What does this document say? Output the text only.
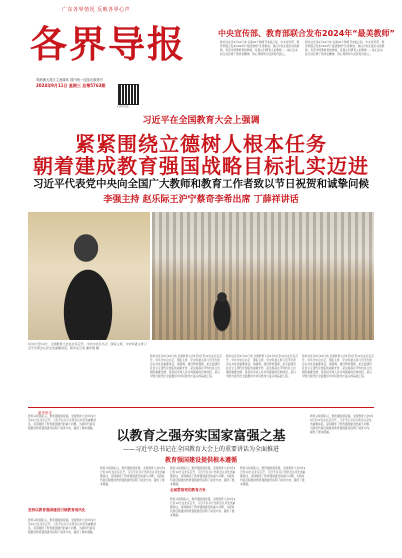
广东各界情况 反映各界心声
各界导报
粤港澳大湾区主流媒体 国内统一连续出版物号
2024年9月11日 星期三 总第5763期
扫码关注
中央宣传部、教育部联合发布2024年“最美教师”
新华社北京9月10日电 在第40个教师节来临之际，中央宣传部、教育部联合发布2024年“最美教师”先进事迹。他们中有扎根乡村的教师，有坚守特殊教育的教师，有潜心科研育人的教师……他们以实际行动诠释了教育家精神，用心用情用力培育时代新人。
新华社北京9月10日电 在第40个教师节来临之际，中央宣传部、教育部联合发布2024年“最美教师”先进事迹。他们中有扎根乡村的教师，有坚守特殊教育的教师，有潜心科研育人的教师……他们以实际行动诠释了教育家精神，用心用情用力培育时代新人。
习近平在全国教育大会上强调
紧紧围绕立德树人根本任务
朝着建成教育强国战略目标扎实迈进
习近平代表党中央向全国广大教师和教育工作者致以节日祝贺和诚挚问候
李强主持 赵乐际王沪宁蔡奇李希出席 丁薛祥讲话
9月9日至10日，全国教育大会在北京召开。中共中央总书记、国家主席、中央军委主席习近平出席会议并发表重要讲话。新华社记者 谢环驰 摄
新华社北京9月10日电 全国教育大会9月9日至10日在北京召开。中共中央总书记、国家主席、中央军委主席习近平出席会议并发表重要讲话。他强调，建设教育强国，是全面建设社会主义现代化国家的战略先导，是实现高水平科技自立自强的重要支撑，是促进全体人民共同富裕的有效途径，是以中国式现代化全面推进中华民族伟大复兴的基础工程。
新华社北京9月10日电 全国教育大会9月9日至10日在北京召开。中共中央总书记、国家主席、中央军委主席习近平出席会议并发表重要讲话。他强调，建设教育强国，是全面建设社会主义现代化国家的战略先导，是实现高水平科技自立自强的重要支撑，是促进全体人民共同富裕的有效途径，是以中国式现代化全面推进中华民族伟大复兴的基础工程。
新华社北京9月10日电 全国教育大会9月9日至10日在北京召开。中共中央总书记、国家主席、中央军委主席习近平出席会议并发表重要讲话。他强调，建设教育强国，是全面建设社会主义现代化国家的战略先导，是实现高水平科技自立自强的重要支撑，是促进全体人民共同富裕的有效途径，是以中国式现代化全面推进中华民族伟大复兴的基础工程。
新华时评
以教育之强夯实国家富强之基
——习近平总书记在全国教育大会上的重要讲话为全面推进
教育强国建设提供根本遵循
教育兴则国家兴，教育强则国家强。全国教育大会9月9日至10日在北京召开，习近平总书记出席会议并发表重要讲话，深刻阐述了教育强国建设的重大问题，为新时代新征程推进教育强国建设指明了前进方向、提供了根本遵循。
坚持以教育强国建设引领教育现代化
教育兴则国家兴，教育强则国家强。全国教育大会9月9日至10日在北京召开，习近平总书记出席会议并发表重要讲话，深刻阐述了教育强国建设的重大问题，为新时代新征程推进教育强国建设指明了前进方向、提供了根本遵循。
教育兴则国家兴，教育强则国家强。全国教育大会9月9日至10日在北京召开，习近平总书记出席会议并发表重要讲话，深刻阐述了教育强国建设的重大问题，为新时代新征程推进教育强国建设指明了前进方向、提供了根本遵循。
教育兴则国家兴，教育强则国家强。全国教育大会9月9日至10日在北京召开，习近平总书记出席会议并发表重要讲话，深刻阐述了教育强国建设的重大问题，为新时代新征程推进教育强国建设指明了前进方向、提供了根本遵循。
全面贯彻党的教育方针
教育兴则国家兴，教育强则国家强。全国教育大会9月9日至10日在北京召开，习近平总书记出席会议并发表重要讲话，深刻阐述了教育强国建设的重大问题，为新时代新征程推进教育强国建设指明了前进方向、提供了根本遵循。
教育兴则国家兴，教育强则国家强。全国教育大会9月9日至10日在北京召开，习近平总书记出席会议并发表重要讲话，深刻阐述了教育强国建设的重大问题，为新时代新征程推进教育强国建设指明了前进方向、提供了根本遵循。
教育兴则国家兴，教育强则国家强。全国教育大会9月9日至10日在北京召开，习近平总书记出席会议并发表重要讲话，深刻阐述了教育强国建设的重大问题，为新时代新征程推进教育强国建设指明了前进方向、提供了根本遵循。
